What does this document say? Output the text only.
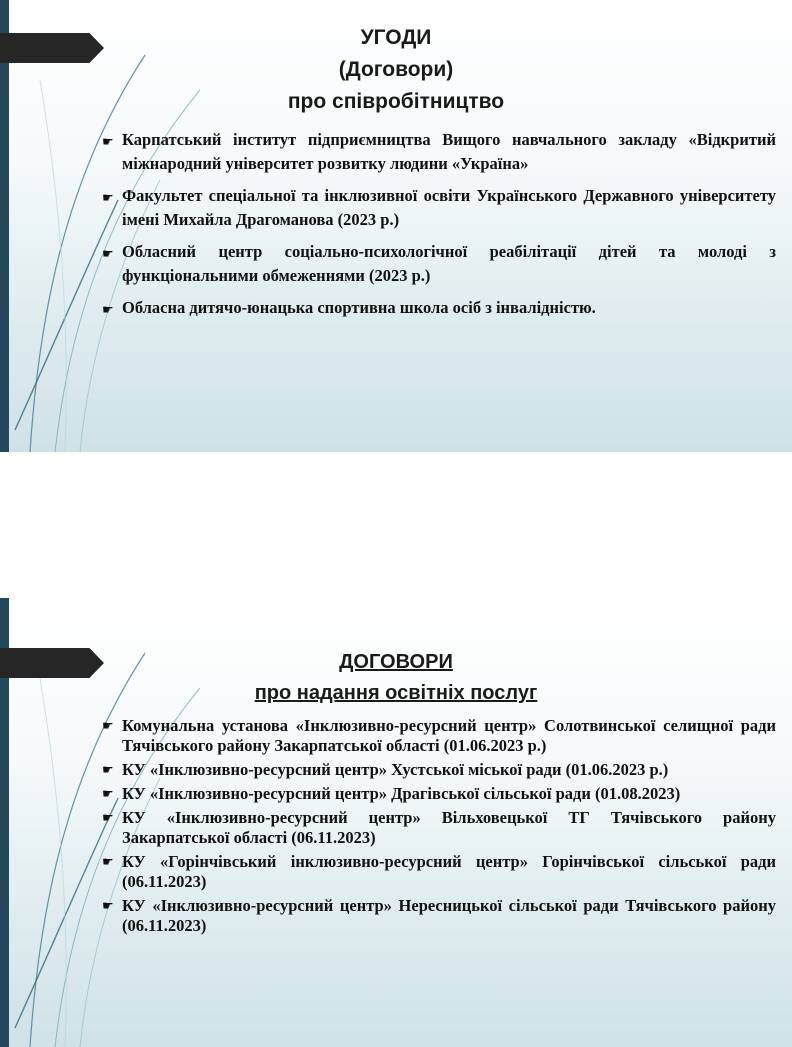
УГОДИ
(Договори)
про співробітництво
☛ Карпатський інститут підприємництва Вищого навчального закладу «Відкритий міжнародний університет розвитку людини «Україна»
☛ Факультет спеціальної та інклюзивної освіти Українського Державного університету імені Михайла Драгоманова (2023 р.)
☛ Обласний центр соціально-психологічної реабілітації дітей та молоді з функціональними обмеженнями (2023 р.)
☛ Обласна дитячо-юнацька спортивна школа осіб з інвалідністю.
ДОГОВОРИ
про надання освітніх послуг
☛ Комунальна установа «Інклюзивно-ресурсний центр» Солотвинської селищної ради Тячівського району Закарпатської області (01.06.2023 р.)
☛ КУ «Інклюзивно-ресурсний центр» Хустської міської ради (01.06.2023 р.)
☛ КУ «Інклюзивно-ресурсний центр» Драгівської сільської ради (01.08.2023)
☛ КУ «Інклюзивно-ресурсний центр» Вільховецької ТГ Тячівського району Закарпатської області (06.11.2023)
☛ КУ «Горінчівський інклюзивно-ресурсний центр» Горінчівської сільської ради (06.11.2023)
☛ КУ «Інклюзивно-ресурсний центр» Нересницької сільської ради Тячівського району (06.11.2023)
